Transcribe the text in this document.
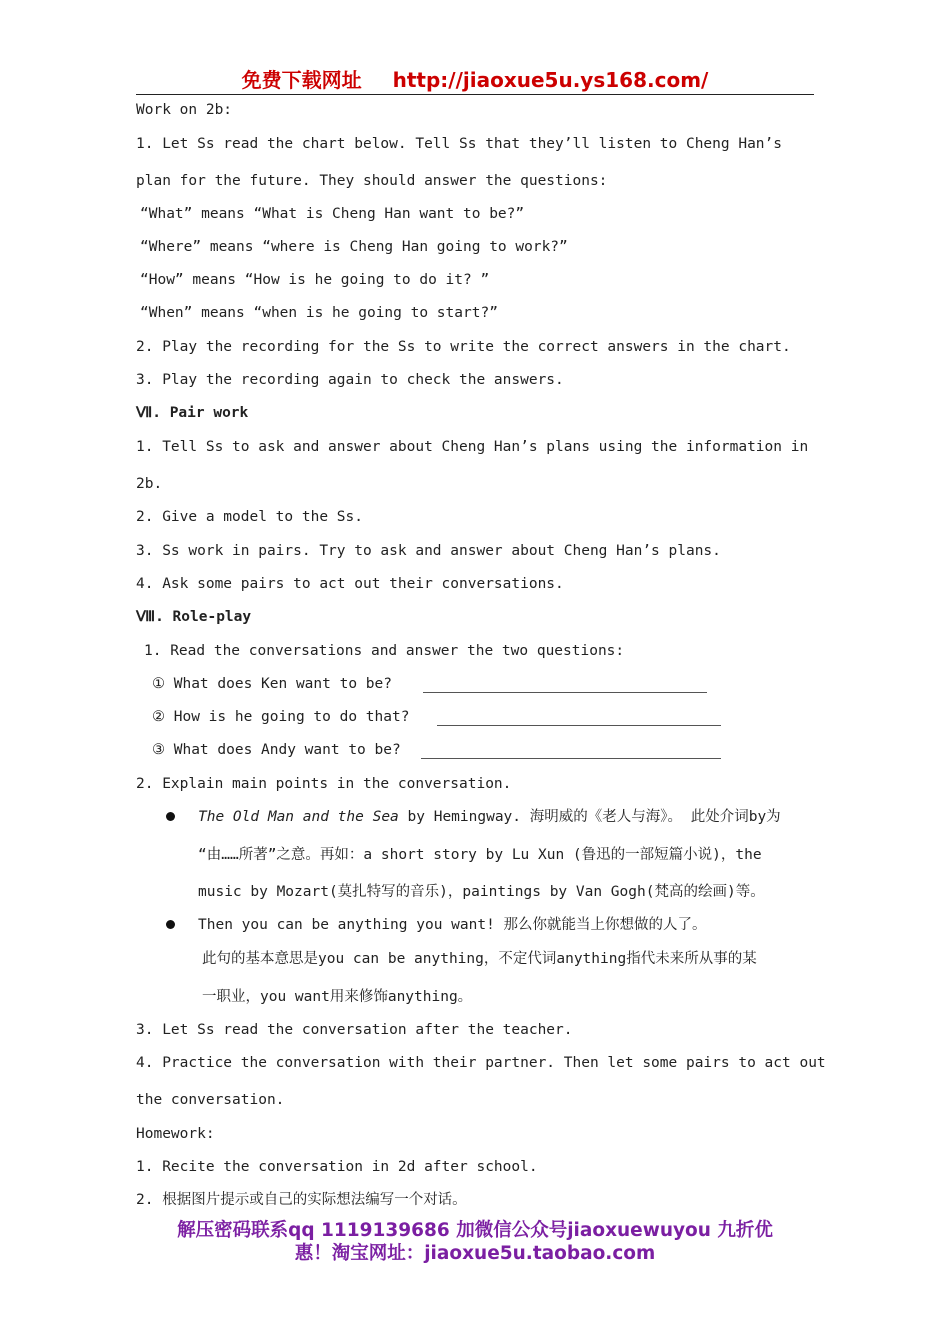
免费下载网址 http://jiaoxue5u.ys168.com/
Work on 2b:
1. Let Ss read the chart below. Tell Ss that they’ll listen to Cheng Han’s
plan for the future. They should answer the questions:
“What” means “What is Cheng Han want to be?”
“Where” means “where is Cheng Han going to work?”
“How” means “How is he going to do it? ”
“When” means “when is he going to start?”
2. Play the recording for the Ss to write the correct answers in the chart.
3. Play the recording again to check the answers.
Ⅶ. Pair work
1. Tell Ss to ask and answer about Cheng Han’s plans using the information in
2b.
2. Give a model to the Ss.
3. Ss work in pairs. Try to ask and answer about Cheng Han’s plans.
4. Ask some pairs to act out their conversations.
Ⅷ. Role-play
1. Read the conversations and answer the two questions:
① What does Ken want to be?
② How is he going to do that?
③ What does Andy want to be?
2. Explain main points in the conversation.
The Old Man and the Sea by Hemingway. 海明威的《老人与海》。 此处介词by为
“由……所著”之意。再如：a short story by Lu Xun (鲁迅的一部短篇小说)，the
music by Mozart(莫扎特写的音乐)，paintings by Van Gogh(梵高的绘画)等。
Then you can be anything you want! 那么你就能当上你想做的人了。
此句的基本意思是you can be anything，不定代词anything指代未来所从事的某
一职业，you want用来修饰anything。
3. Let Ss read the conversation after the teacher.
4. Practice the conversation with their partner. Then let some pairs to act out
the conversation.
Homework:
1. Recite the conversation in 2d after school.
2. 根据图片提示或自己的实际想法编写一个对话。
解压密码联系qq 1119139686 加微信公众号jiaoxuewuyou 九折优
惠！淘宝网址：jiaoxue5u.taobao.com
